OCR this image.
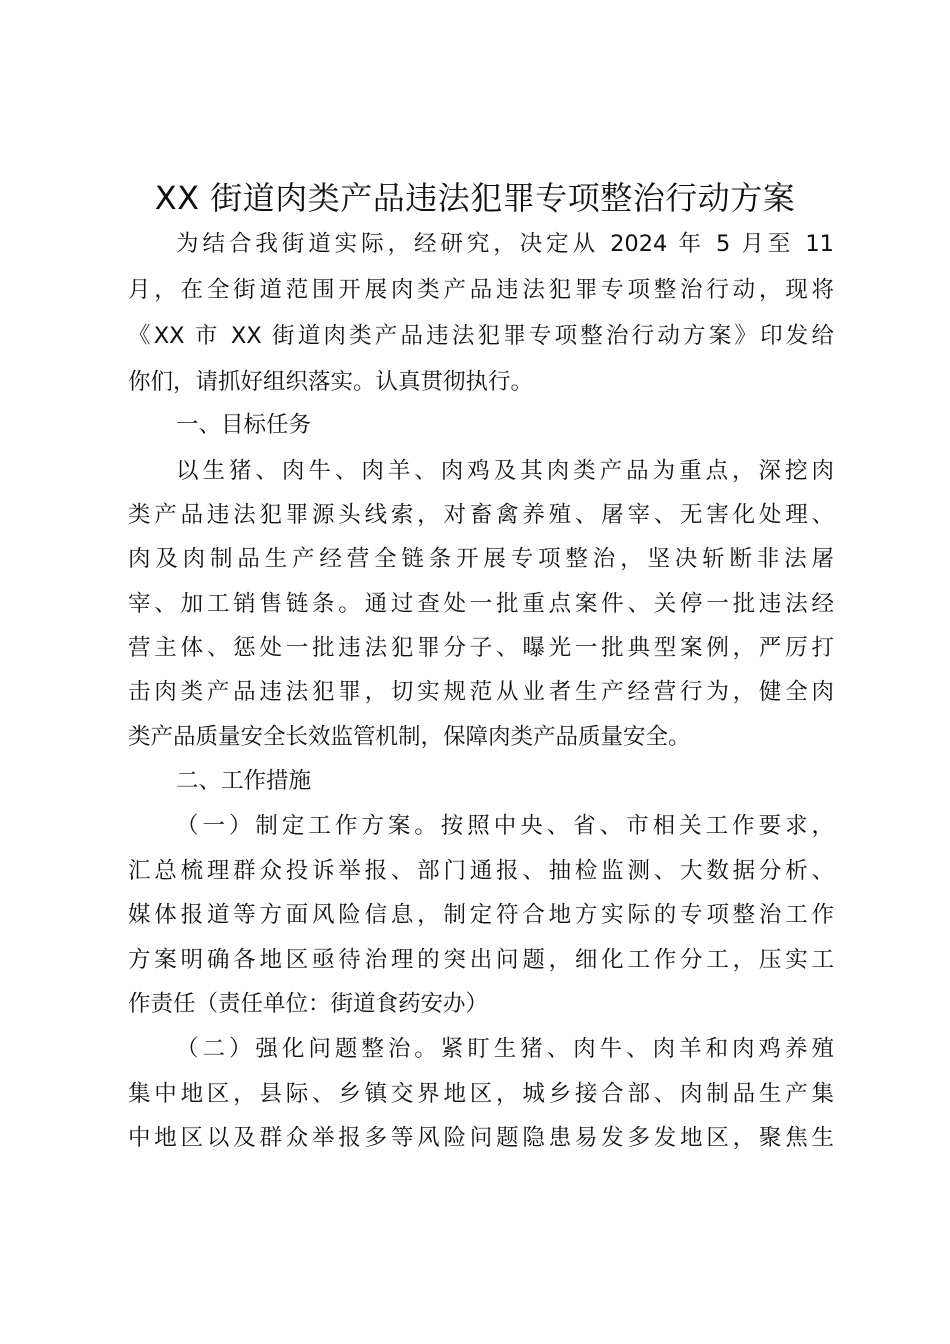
XX 街道肉类产品违法犯罪专项整治行动方案
为结合我街道实际，经研究，决定从 2024 年 5 月至 11
月，在全街道范围开展肉类产品违法犯罪专项整治行动，现将
《XX 市 XX 街道肉类产品违法犯罪专项整治行动方案》印发给
你们，请抓好组织落实。认真贯彻执行。
一、目标任务
以生猪、肉牛、肉羊、肉鸡及其肉类产品为重点，深挖肉
类产品违法犯罪源头线索，对畜禽养殖、屠宰、无害化处理、
肉及肉制品生产经营全链条开展专项整治，坚决斩断非法屠
宰、加工销售链条。通过查处一批重点案件、关停一批违法经
营主体、惩处一批违法犯罪分子、曝光一批典型案例，严厉打
击肉类产品违法犯罪，切实规范从业者生产经营行为，健全肉
类产品质量安全长效监管机制，保障肉类产品质量安全。
二、工作措施
（一）制定工作方案。按照中央、省、市相关工作要求，
汇总梳理群众投诉举报、部门通报、抽检监测、大数据分析、
媒体报道等方面风险信息，制定符合地方实际的专项整治工作
方案明确各地区亟待治理的突出问题，细化工作分工，压实工
作责任（责任单位：街道食药安办）
（二）强化问题整治。紧盯生猪、肉牛、肉羊和肉鸡养殖
集中地区，县际、乡镇交界地区，城乡接合部、肉制品生产集
中地区以及群众举报多等风险问题隐患易发多发地区，聚焦生
